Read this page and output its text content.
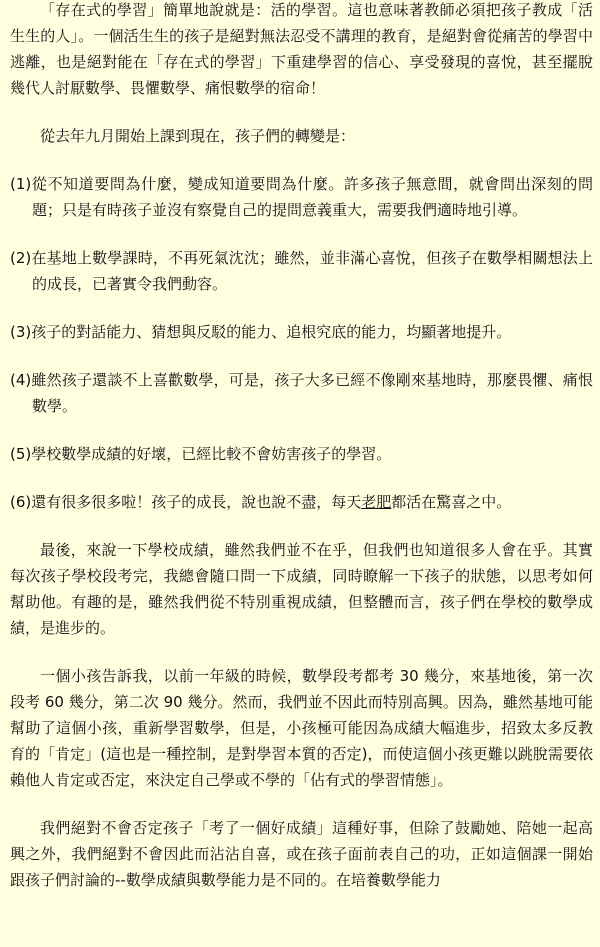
「存在式的學習」簡單地說就是：活的學習。這也意味著教師必須把孩子教成「活生生的人」。一個活生生的孩子是絕對無法忍受不講理的教育，是絕對會從痛苦的學習中逃離，也是絕對能在「存在式的學習」下重建學習的信心、享受發現的喜悅，甚至擺脫幾代人討厭數學、畏懼數學、痛恨數學的宿命！

從去年九月開始上課到現在，孩子們的轉變是：

(1)從不知道要問為什麼，變成知道要問為什麼。許多孩子無意間，就會問出深刻的問題；只是有時孩子並沒有察覺自己的提問意義重大，需要我們適時地引導。

(2)在基地上數學課時，不再死氣沈沈；雖然，並非滿心喜悅，但孩子在數學相關想法上的成長，已著實令我們動容。

(3)孩子的對話能力、猜想與反駁的能力、追根究底的能力，均顯著地提升。

(4)雖然孩子還談不上喜歡數學，可是，孩子大多已經不像剛來基地時，那麼畏懼、痛恨數學。

(5)學校數學成績的好壞，已經比較不會妨害孩子的學習。

(6)還有很多很多啦！孩子的成長，說也說不盡，每天老肥都活在驚喜之中。

最後，來說一下學校成績，雖然我們並不在乎，但我們也知道很多人會在乎。其實每次孩子學校段考完，我總會隨口問一下成績，同時瞭解一下孩子的狀態，以思考如何幫助他。有趣的是，雖然我們從不特別重視成績，但整體而言，孩子們在學校的數學成績，是進步的。

一個小孩告訴我，以前一年級的時候，數學段考都考 30 幾分，來基地後，第一次段考 60 幾分，第二次 90 幾分。然而，我們並不因此而特別高興。因為，雖然基地可能幫助了這個小孩，重新學習數學，但是，小孩極可能因為成績大幅進步，招致太多反教育的「肯定」(這也是一種控制，是對學習本質的否定)，而使這個小孩更難以跳脫需要依賴他人肯定或否定，來決定自己學或不學的「佔有式的學習情態」。

我們絕對不會否定孩子「考了一個好成績」這種好事，但除了鼓勵她、陪她一起高興之外，我們絕對不會因此而沾沾自喜，或在孩子面前表自己的功，正如這個課一開始跟孩子們討論的--數學成績與數學能力是不同的。在培養數學能力
